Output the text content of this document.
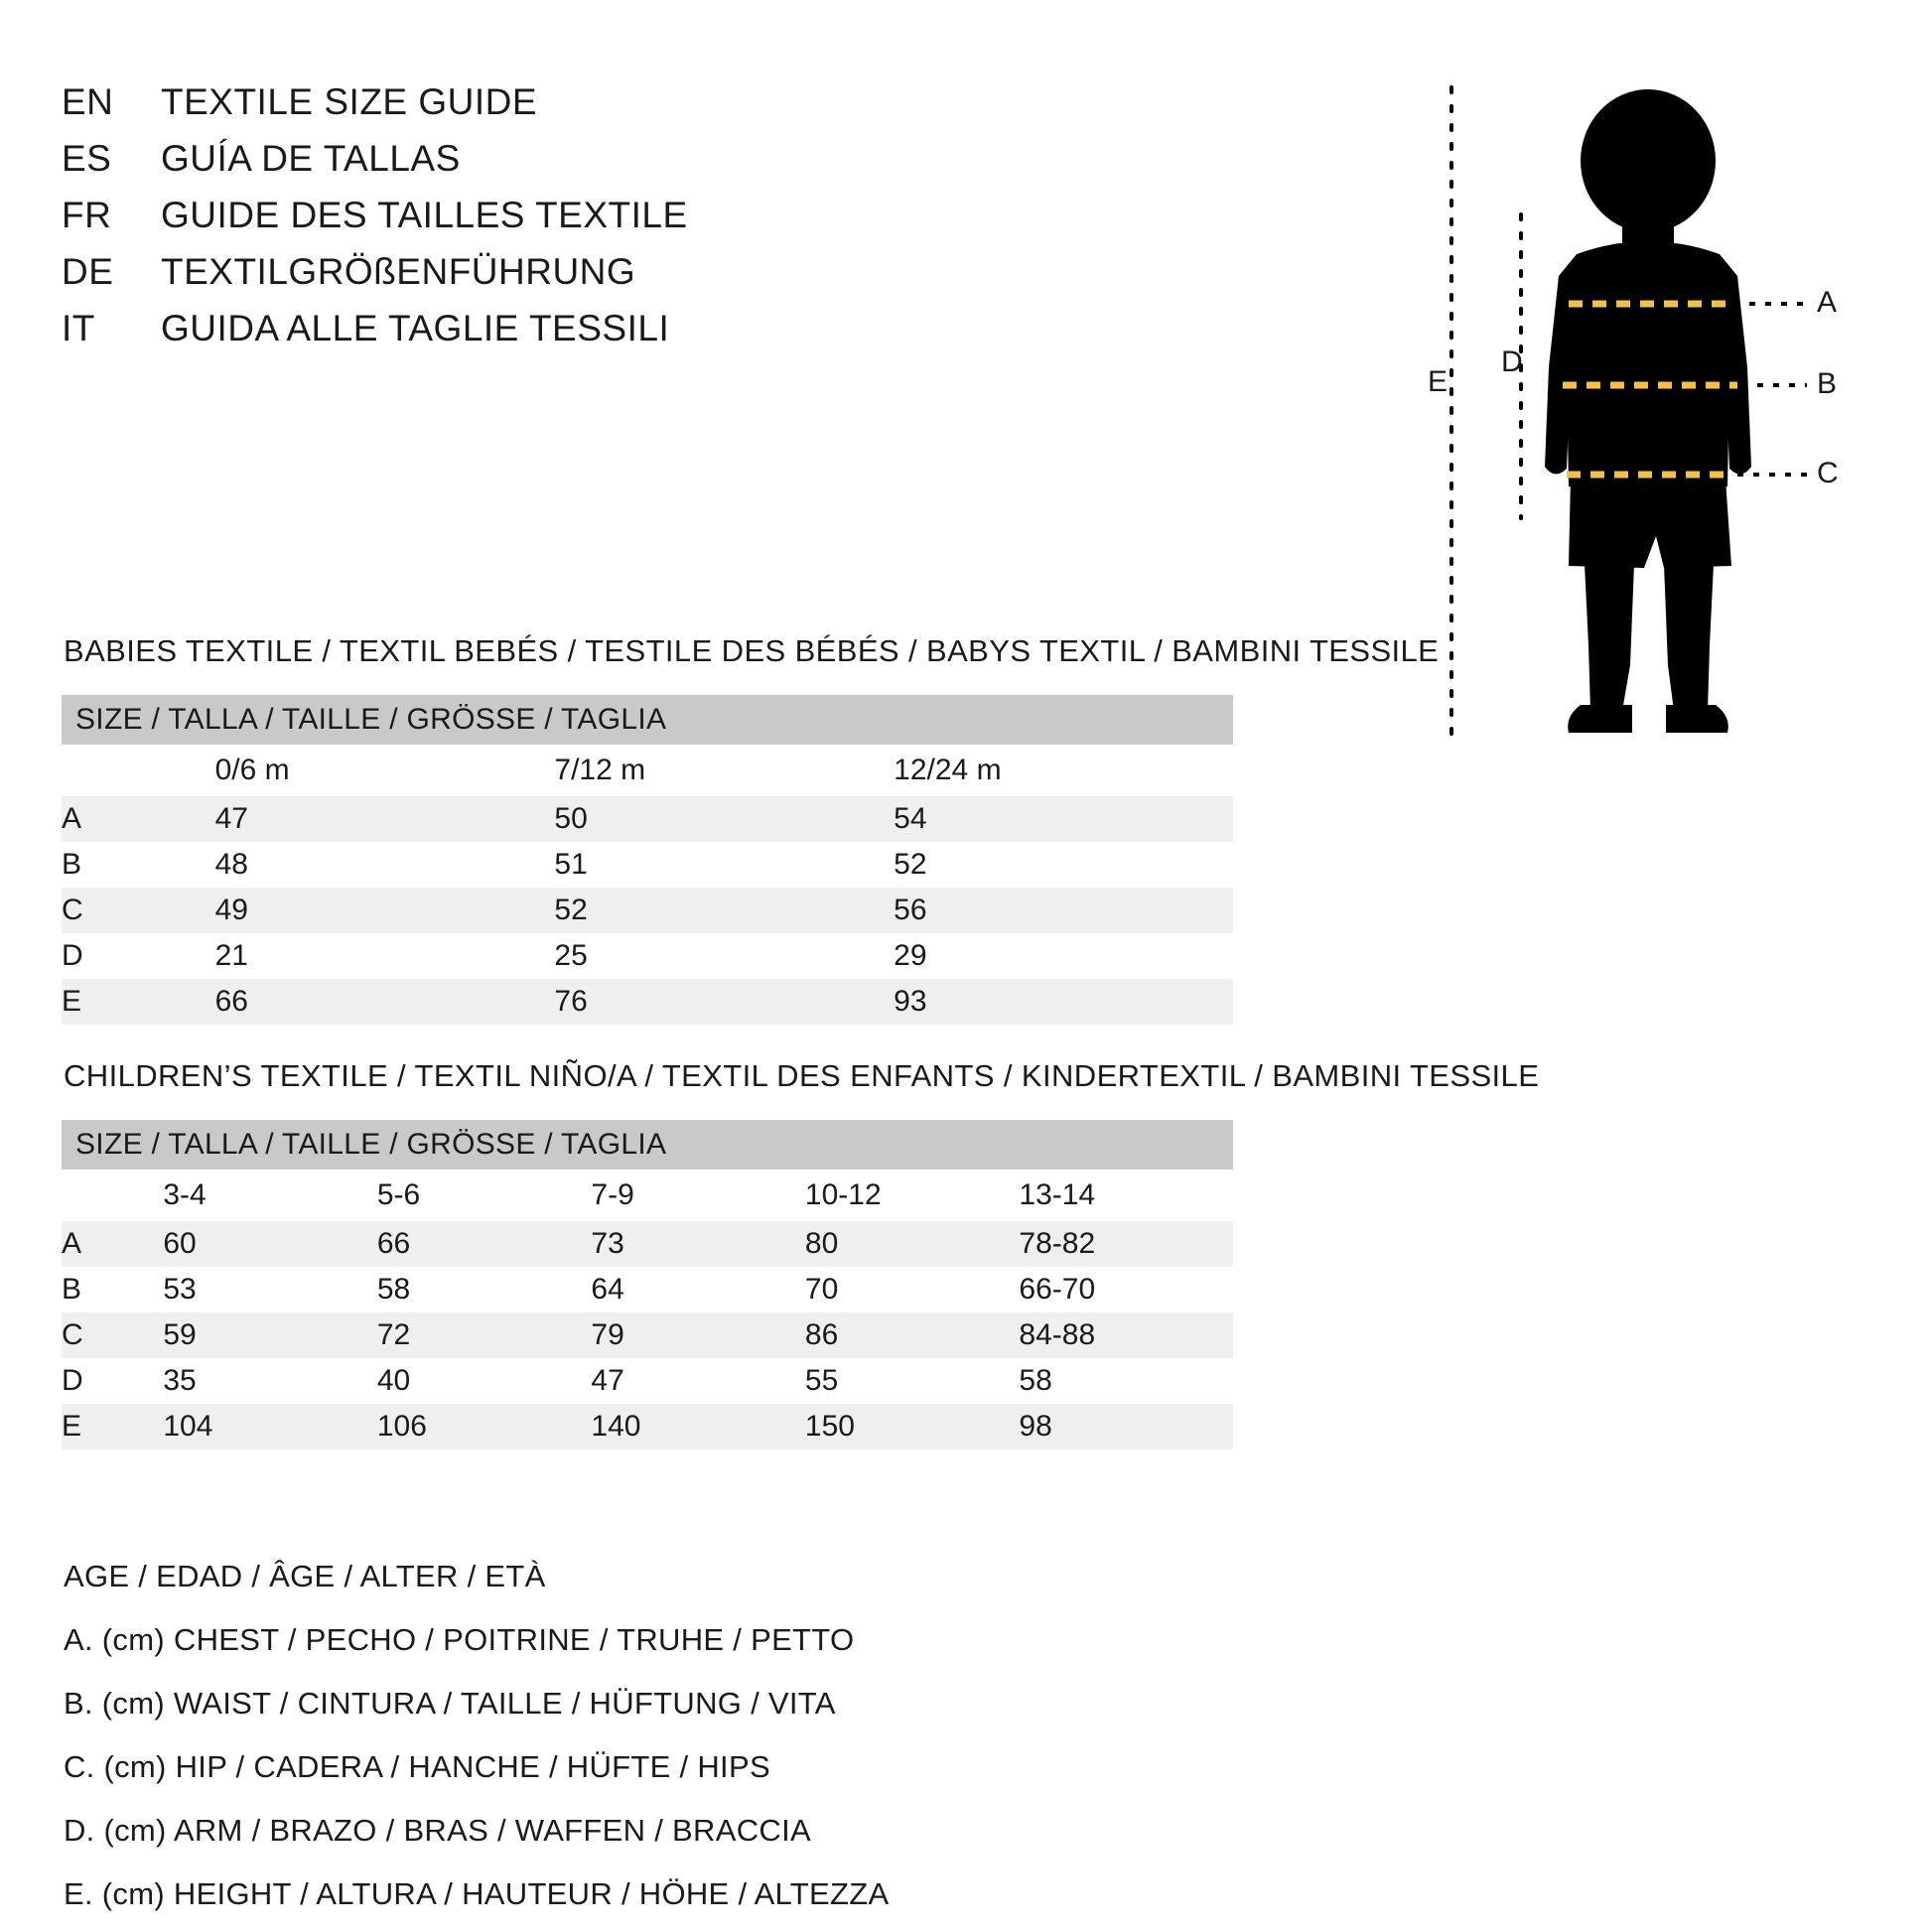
EN	TEXTILE SIZE GUIDE
ES	GUÍA DE TALLAS
FR	GUIDE DES TAILLES TEXTILE
DE	TEXTILGRÖßENFÜHRUNG
IT	GUIDA ALLE TAGLIE TESSILI
A
B
C
D
E
BABIES TEXTILE / TEXTIL BEBÉS / TESTILE DES BÉBÉS / BABYS TEXTIL / BAMBINI TESSILE
SIZE / TALLA / TAILLE / GRÖSSE / TAGLIA			
	0/6 m	7/12 m	12/24 m
A	47	50	54
B	48	51	52
C	49	52	56
D	21	25	29
E	66	76	93
CHILDREN’S TEXTILE / TEXTIL NIÑO/A / TEXTIL DES ENFANTS / KINDERTEXTIL / BAMBINI TESSILE
SIZE / TALLA / TAILLE / GRÖSSE / TAGLIA					
	3-4	5-6	7-9	10-12	13-14
A	60	66	73	80	78-82
B	53	58	64	70	66-70
C	59	72	79	86	84-88
D	35	40	47	55	58
E	104	106	140	150	98
AGE / EDAD / ÂGE / ALTER / ETÀ
A. (cm) CHEST / PECHO / POITRINE / TRUHE / PETTO
B. (cm) WAIST / CINTURA / TAILLE / HÜFTUNG / VITA
C. (cm) HIP / CADERA / HANCHE / HÜFTE / HIPS
D. (cm) ARM / BRAZO / BRAS / WAFFEN / BRACCIA
E. (cm) HEIGHT / ALTURA / HAUTEUR / HÖHE / ALTEZZA
